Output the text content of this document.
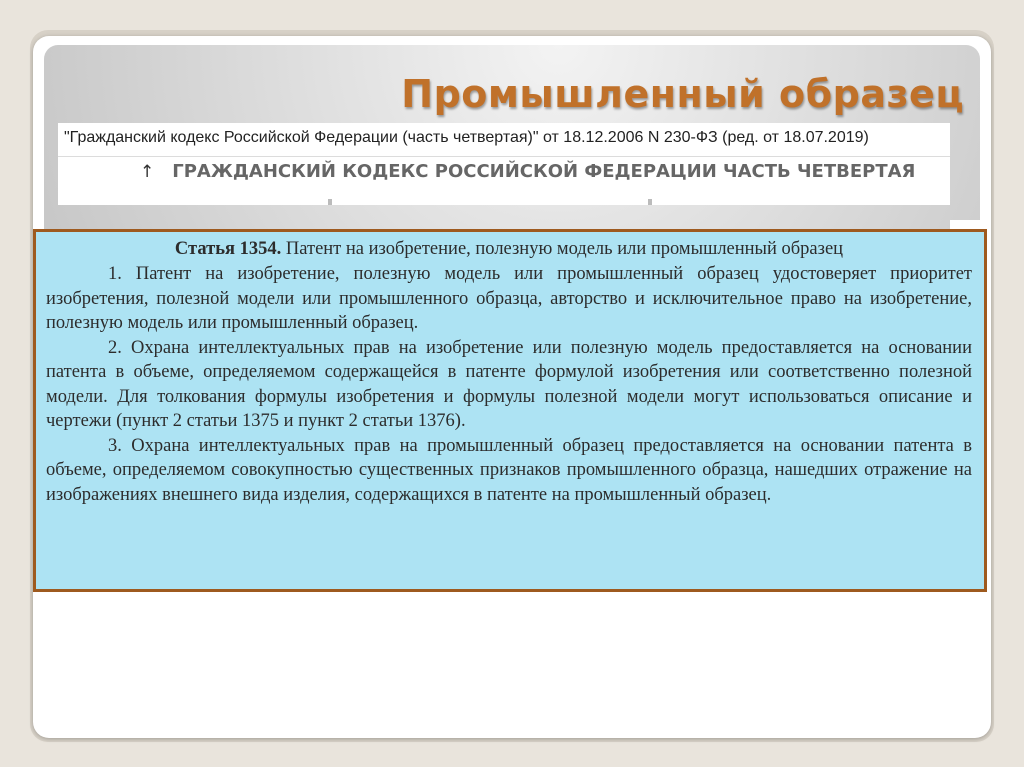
Промышленный образец
"Гражданский кодекс Российской Федерации (часть четвертая)" от 18.12.2006 N 230-ФЗ (ред. от 18.07.2019)
↑ ГРАЖДАНСКИЙ КОДЕКС РОССИЙСКОЙ ФЕДЕРАЦИИ ЧАСТЬ ЧЕТВЕРТАЯ

Статья 1354. Патент на изобретение, полезную модель или промышленный образец

1. Патент на изобретение, полезную модель или промышленный образец удостоверяет приоритет изобретения, полезной модели или промышленного образца, авторство и исключительное право на изобретение, полезную модель или промышленный образец.

2. Охрана интеллектуальных прав на изобретение или полезную модель предоставляется на основании патента в объеме, определяемом содержащейся в патенте формулой изобретения или соответственно полезной модели. Для толкования формулы изобретения и формулы полезной модели могут использоваться описание и чертежи (пункт 2 статьи 1375 и пункт 2 статьи 1376).

3. Охрана интеллектуальных прав на промышленный образец предоставляется на основании патента в объеме, определяемом совокупностью существенных признаков промышленного образца, нашедших отражение на изображениях внешнего вида изделия, содержащихся в патенте на промышленный образец.
